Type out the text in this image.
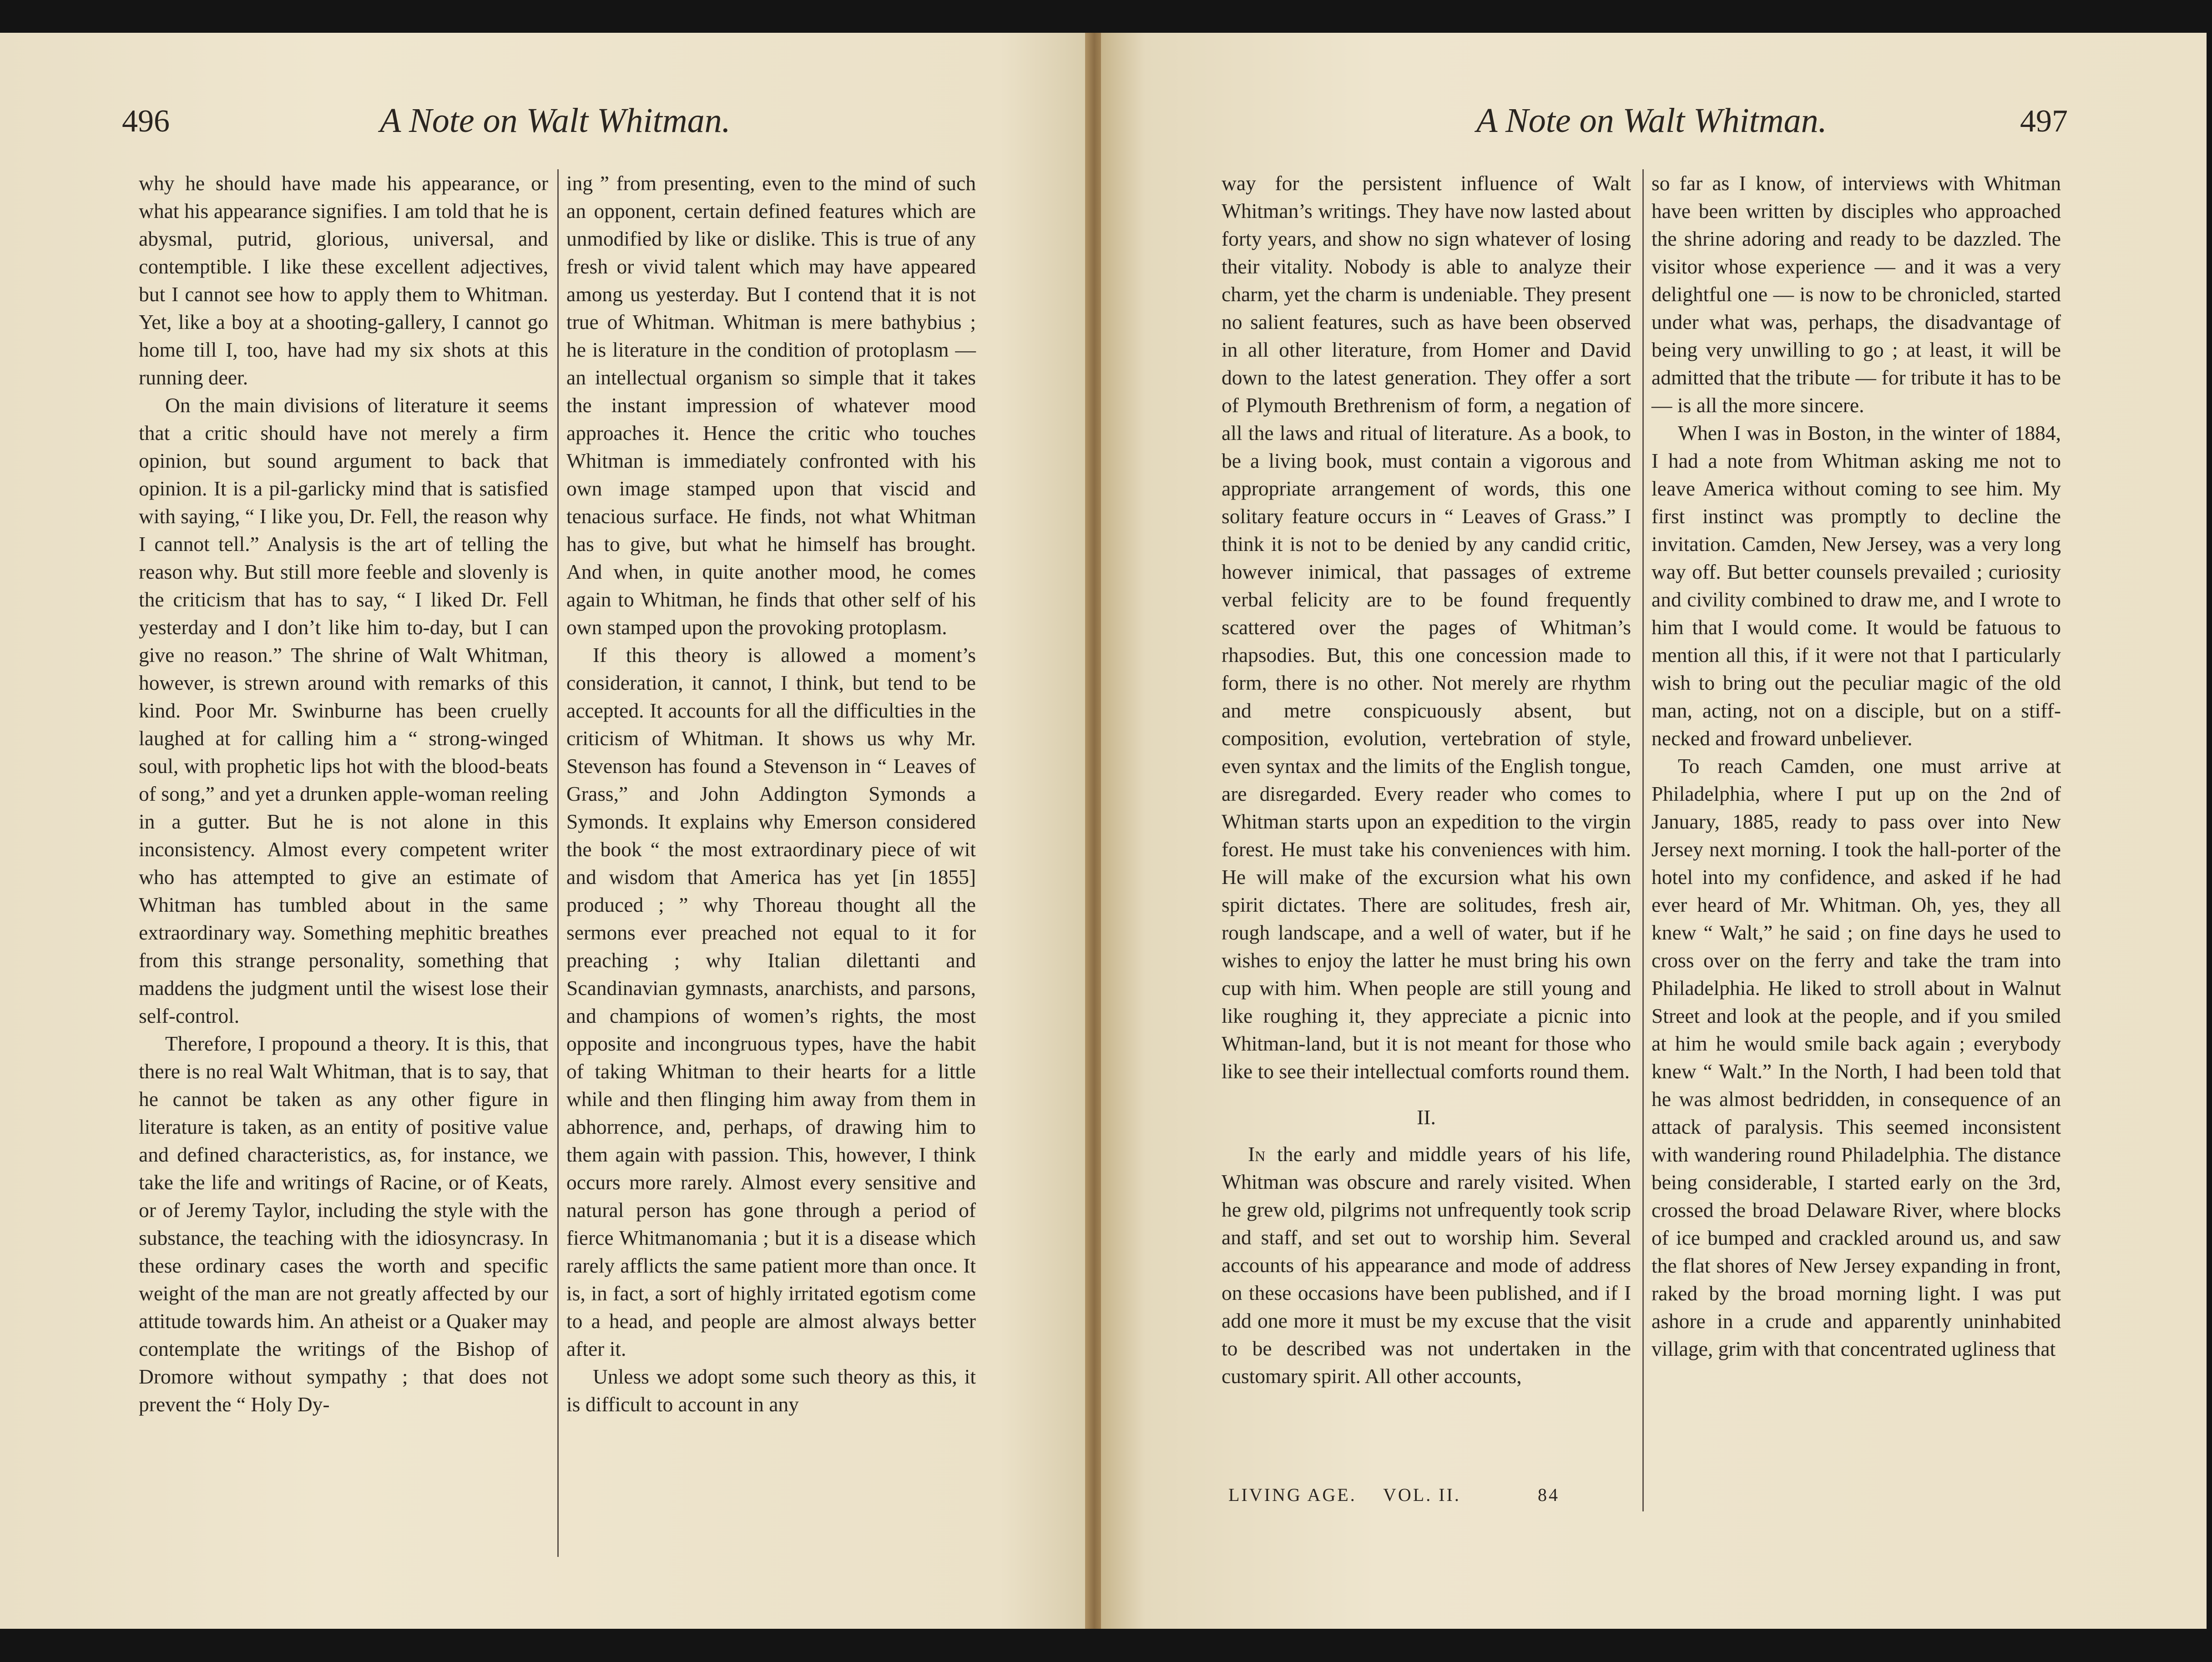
496	A Note on Walt Whitman.

why he should have made his appearance, or what his appearance signifies. I am told that he is abysmal, putrid, glorious, universal, and contemptible. I like these excellent adjectives, but I cannot see how to apply them to Whitman. Yet, like a boy at a shooting-gallery, I cannot go home till I, too, have had my six shots at this running deer.

On the main divisions of literature it seems that a critic should have not merely a firm opinion, but sound argument to back that opinion. It is a pil-garlicky mind that is satisfied with saying, “ I like you, Dr. Fell, the reason why I cannot tell.” Analysis is the art of telling the reason why. But still more feeble and slovenly is the criticism that has to say, “ I liked Dr. Fell yesterday and I don’t like him to-day, but I can give no reason.” The shrine of Walt Whitman, however, is strewn around with remarks of this kind. Poor Mr. Swinburne has been cruelly laughed at for calling him a “ strong-winged soul, with prophetic lips hot with the blood-beats of song,” and yet a drunken apple-woman reeling in a gutter. But he is not alone in this inconsistency. Almost every competent writer who has attempted to give an estimate of Whitman has tumbled about in the same extraordinary way. Something mephitic breathes from this strange personality, something that maddens the judgment until the wisest lose their self-control.

Therefore, I propound a theory. It is this, that there is no real Walt Whitman, that is to say, that he cannot be taken as any other figure in literature is taken, as an entity of positive value and defined characteristics, as, for instance, we take the life and writings of Racine, or of Keats, or of Jeremy Taylor, including the style with the substance, the teaching with the idiosyncrasy. In these ordinary cases the worth and specific weight of the man are not greatly affected by our attitude towards him. An atheist or a Quaker may contemplate the writings of the Bishop of Dromore without sympathy ; that does not prevent the “ Holy Dy-

ing ” from presenting, even to the mind of such an opponent, certain defined features which are unmodified by like or dislike. This is true of any fresh or vivid talent which may have appeared among us yesterday. But I contend that it is not true of Whitman. Whitman is mere bathybius ; he is literature in the condition of protoplasm — an intellectual organism so simple that it takes the instant impression of whatever mood approaches it. Hence the critic who touches Whitman is immediately confronted with his own image stamped upon that viscid and tenacious surface. He finds, not what Whitman has to give, but what he himself has brought. And when, in quite another mood, he comes again to Whitman, he finds that other self of his own stamped upon the provoking protoplasm.

If this theory is allowed a moment’s consideration, it cannot, I think, but tend to be accepted. It accounts for all the difficulties in the criticism of Whitman. It shows us why Mr. Stevenson has found a Stevenson in “ Leaves of Grass,” and John Addington Symonds a Symonds. It explains why Emerson considered the book “ the most extraordinary piece of wit and wisdom that America has yet [in 1855] produced ; ” why Thoreau thought all the sermons ever preached not equal to it for preaching ; why Italian dilettanti and Scandinavian gymnasts, anarchists, and parsons, and champions of women’s rights, the most opposite and incongruous types, have the habit of taking Whitman to their hearts for a little while and then flinging him away from them in abhorrence, and, perhaps, of drawing him to them again with passion. This, however, I think occurs more rarely. Almost every sensitive and natural person has gone through a period of fierce Whitmanomania ; but it is a disease which rarely afflicts the same patient more than once. It is, in fact, a sort of highly irritated egotism come to a head, and people are almost always better after it.

Unless we adopt some such theory as this, it is difficult to account in any

A Note on Walt Whitman.	497

way for the persistent influence of Walt Whitman’s writings. They have now lasted about forty years, and show no sign whatever of losing their vitality. Nobody is able to analyze their charm, yet the charm is undeniable. They present no salient features, such as have been observed in all other literature, from Homer and David down to the latest generation. They offer a sort of Plymouth Brethrenism of form, a negation of all the laws and ritual of literature. As a book, to be a living book, must contain a vigorous and appropriate arrangement of words, this one solitary feature occurs in “ Leaves of Grass.” I think it is not to be denied by any candid critic, however inimical, that passages of extreme verbal felicity are to be found frequently scattered over the pages of Whitman’s rhapsodies. But, this one concession made to form, there is no other. Not merely are rhythm and metre conspicuously absent, but composition, evolution, vertebration of style, even syntax and the limits of the English tongue, are disregarded. Every reader who comes to Whitman starts upon an expedition to the virgin forest. He must take his conveniences with him. He will make of the excursion what his own spirit dictates. There are solitudes, fresh air, rough landscape, and a well of water, but if he wishes to enjoy the latter he must bring his own cup with him. When people are still young and like roughing it, they appreciate a picnic into Whitman-land, but it is not meant for those who like to see their intellectual comforts round them.

II.

In the early and middle years of his life, Whitman was obscure and rarely visited. When he grew old, pilgrims not unfrequently took scrip and staff, and set out to worship him. Several accounts of his appearance and mode of address on these occasions have been published, and if I add one more it must be my excuse that the visit to be described was not undertaken in the customary spirit. All other accounts,

so far as I know, of interviews with Whitman have been written by disciples who approached the shrine adoring and ready to be dazzled. The visitor whose experience — and it was a very delightful one — is now to be chronicled, started under what was, perhaps, the disadvantage of being very unwilling to go ; at least, it will be admitted that the tribute — for tribute it has to be — is all the more sincere.

When I was in Boston, in the winter of 1884, I had a note from Whitman asking me not to leave America without coming to see him. My first instinct was promptly to decline the invitation. Camden, New Jersey, was a very long way off. But better counsels prevailed ; curiosity and civility combined to draw me, and I wrote to him that I would come. It would be fatuous to mention all this, if it were not that I particularly wish to bring out the peculiar magic of the old man, acting, not on a disciple, but on a stiff-necked and froward unbeliever.

To reach Camden, one must arrive at Philadelphia, where I put up on the 2nd of January, 1885, ready to pass over into New Jersey next morning. I took the hall-porter of the hotel into my confidence, and asked if he had ever heard of Mr. Whitman. Oh, yes, they all knew “ Walt,” he said ; on fine days he used to cross over on the ferry and take the tram into Philadelphia. He liked to stroll about in Walnut Street and look at the people, and if you smiled at him he would smile back again ; everybody knew “ Walt.” In the North, I had been told that he was almost bedridden, in consequence of an attack of paralysis. This seemed inconsistent with wandering round Philadelphia. The distance being considerable, I started early on the 3rd, crossed the broad Delaware River, where blocks of ice bumped and crackled around us, and saw the flat shores of New Jersey expanding in front, raked by the broad morning light. I was put ashore in a crude and apparently uninhabited village, grim with that concentrated ugliness that

LIVING AGE. VOL. II.	84
